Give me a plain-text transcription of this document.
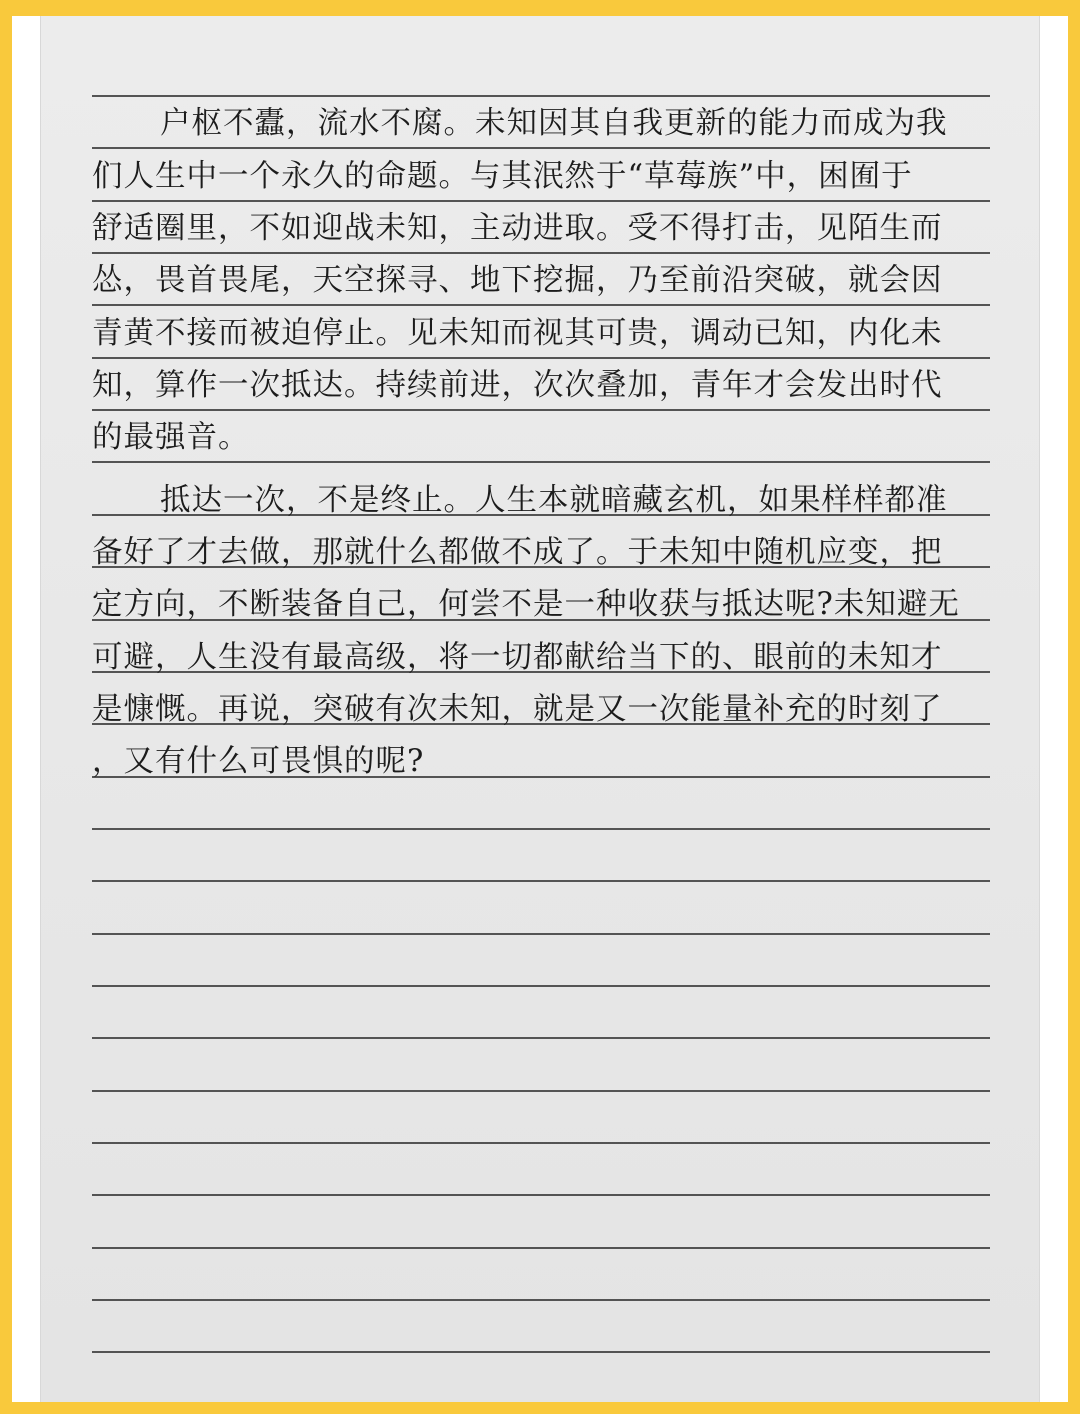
户枢不蠹，流水不腐。未知因其自我更新的能力而成为我
们人生中一个永久的命题。与其泯然于“草莓族”中，困囿于
舒适圈里，不如迎战未知，主动进取。受不得打击，见陌生而
怂，畏首畏尾，天空探寻、地下挖掘，乃至前沿突破，就会因
青黄不接而被迫停止。见未知而视其可贵，调动已知，内化未
知，算作一次抵达。持续前进，次次叠加，青年才会发出时代
的最强音。
抵达一次，不是终止。人生本就暗藏玄机，如果样样都准
备好了才去做，那就什么都做不成了。于未知中随机应变，把
定方向，不断装备自己，何尝不是一种收获与抵达呢?未知避无
可避，人生没有最高级，将一切都献给当下的、眼前的未知才
是慷慨。再说，突破有次未知，就是又一次能量补充的时刻了
，又有什么可畏惧的呢?
